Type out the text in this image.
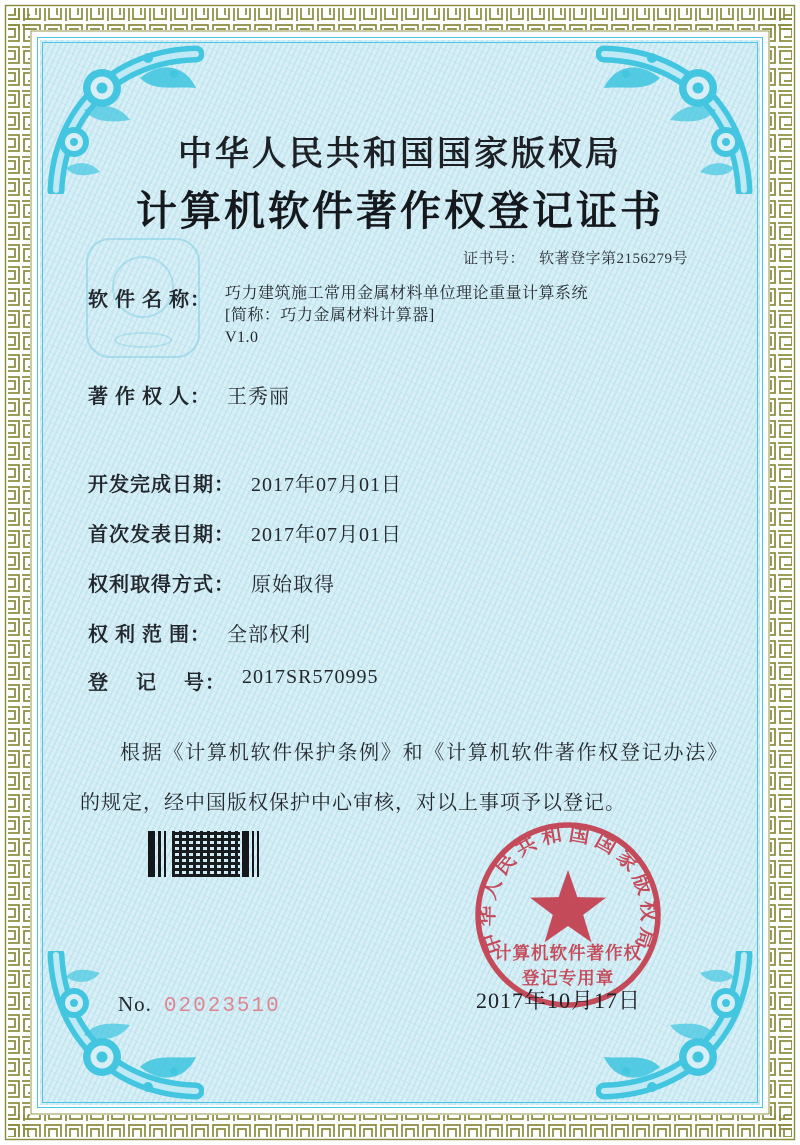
中华人民共和国国家版权局
计算机软件著作权登记证书
证书号： 软著登字第2156279号
软 件 名 称： 巧力建筑施工常用金属材料单位理论重量计算系统
[简称：巧力金属材料计算器]
V1.0
著 作 权 人： 王秀丽
开发完成日期： 2017年07月01日
首次发表日期： 2017年07月01日
权利取得方式： 原始取得
权 利 范 围： 全部权利
登　 记　 号： 2017SR570995
根据《计算机软件保护条例》和《计算机软件著作权登记办法》的规定，经中国版权保护中心审核，对以上事项予以登记。
中华人民共和国国家版权局
计算机软件著作权
登记专用章
No. 02023510	2017年10月17日
